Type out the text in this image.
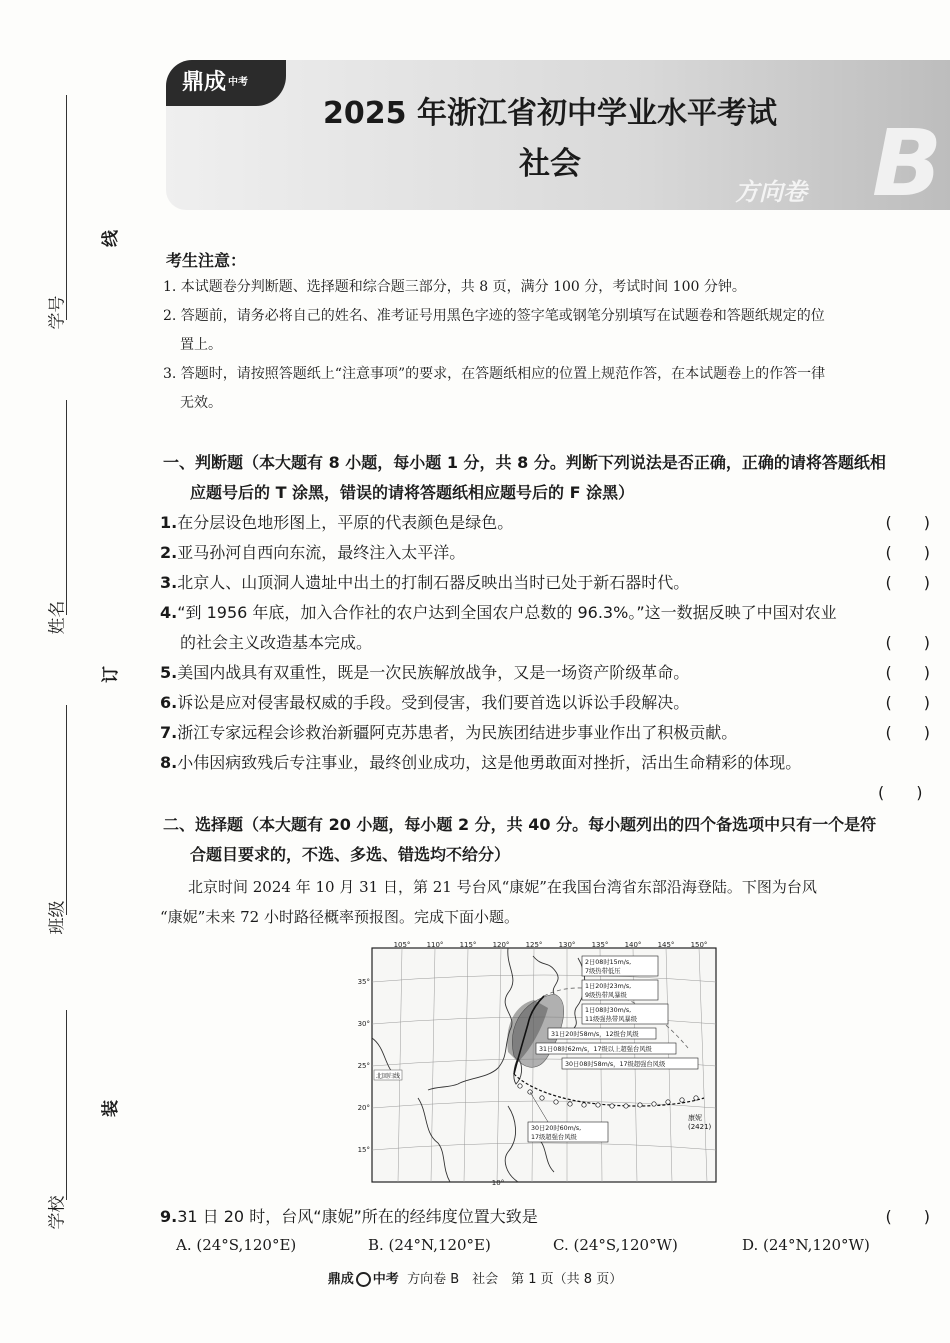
学号
姓名
班级
学校
线
订
装
鼎成 $^{中考}$
2025 年浙江省初中学业水平考试
社会
方向卷 B
考生注意：
1. 本试题卷分判断题、选择题和综合题三部分，共 8 页，满分 100 分，考试时间 100 分钟。
2. 答题前，请务必将自己的姓名、准考证号用黑色字迹的签字笔或钢笔分别填写在试题卷和答题纸规定的位
置上。
3. 答题时，请按照答题纸上“注意事项”的要求，在答题纸相应的位置上规范作答，在本试题卷上的作答一律
无效。
一、判断题（本大题有 8 小题，每小题 1 分，共 8 分。判断下列说法是否正确，正确的请将答题纸相
应题号后的 T 涂黑，错误的请将答题纸相应题号后的 F 涂黑）
1.在分层设色地形图上，平原的代表颜色是绿色。	(　　)
2.亚马孙河自西向东流，最终注入太平洋。	(　　)
3.北京人、山顶洞人遗址中出土的打制石器反映出当时已处于新石器时代。	(　　)
4.“到 1956 年底，加入合作社的农户达到全国农户总数的 96.3%。”这一数据反映了中国对农业
的社会主义改造基本完成。	(　　)
5.美国内战具有双重性，既是一次民族解放战争，又是一场资产阶级革命。	(　　)
6.诉讼是应对侵害最权威的手段。受到侵害，我们要首选以诉讼手段解决。	(　　)
7.浙江专家远程会诊救治新疆阿克苏患者，为民族团结进步事业作出了积极贡献。	(　　)
8.小伟因病致残后专注事业，最终创业成功，这是他勇敢面对挫折，活出生命精彩的体现。
(　　)
二、选择题（本大题有 20 小题，每小题 2 分，共 40 分。每小题列出的四个备选项中只有一个是符
合题目要求的，不选、多选、错选均不给分）
北京时间 2024 年 10 月 31 日，第 21 号台风“康妮”在我国台湾省东部沿海登陆。下图为台风
“康妮”未来 72 小时路径概率预报图。完成下面小题。
北回归线
105° 110° 115° 120° 125° 130° 135° 140° 145° 150°
10°
35°
30°
25°
20°
15°
2日08时15m/s,
7级热带低压
1日20时23m/s,
9级热带风暴级
1日08时30m/s,
11级强热带风暴级
31日20时58m/s，12级台风级
31日08时62m/s，17级以上超强台风级
30日08时58m/s，17级超强台风级
30日20时60m/s,
17级超强台风级
康妮
(2421)
9.31 日 20 时，台风“康妮”所在的经纬度位置大致是	(　　)
A. (24°S,120°E)	B. (24°N,120°E)	C. (24°S,120°W)	D. (24°N,120°W)
鼎成 中考 方向卷 B　社会　第 1 页（共 8 页）
